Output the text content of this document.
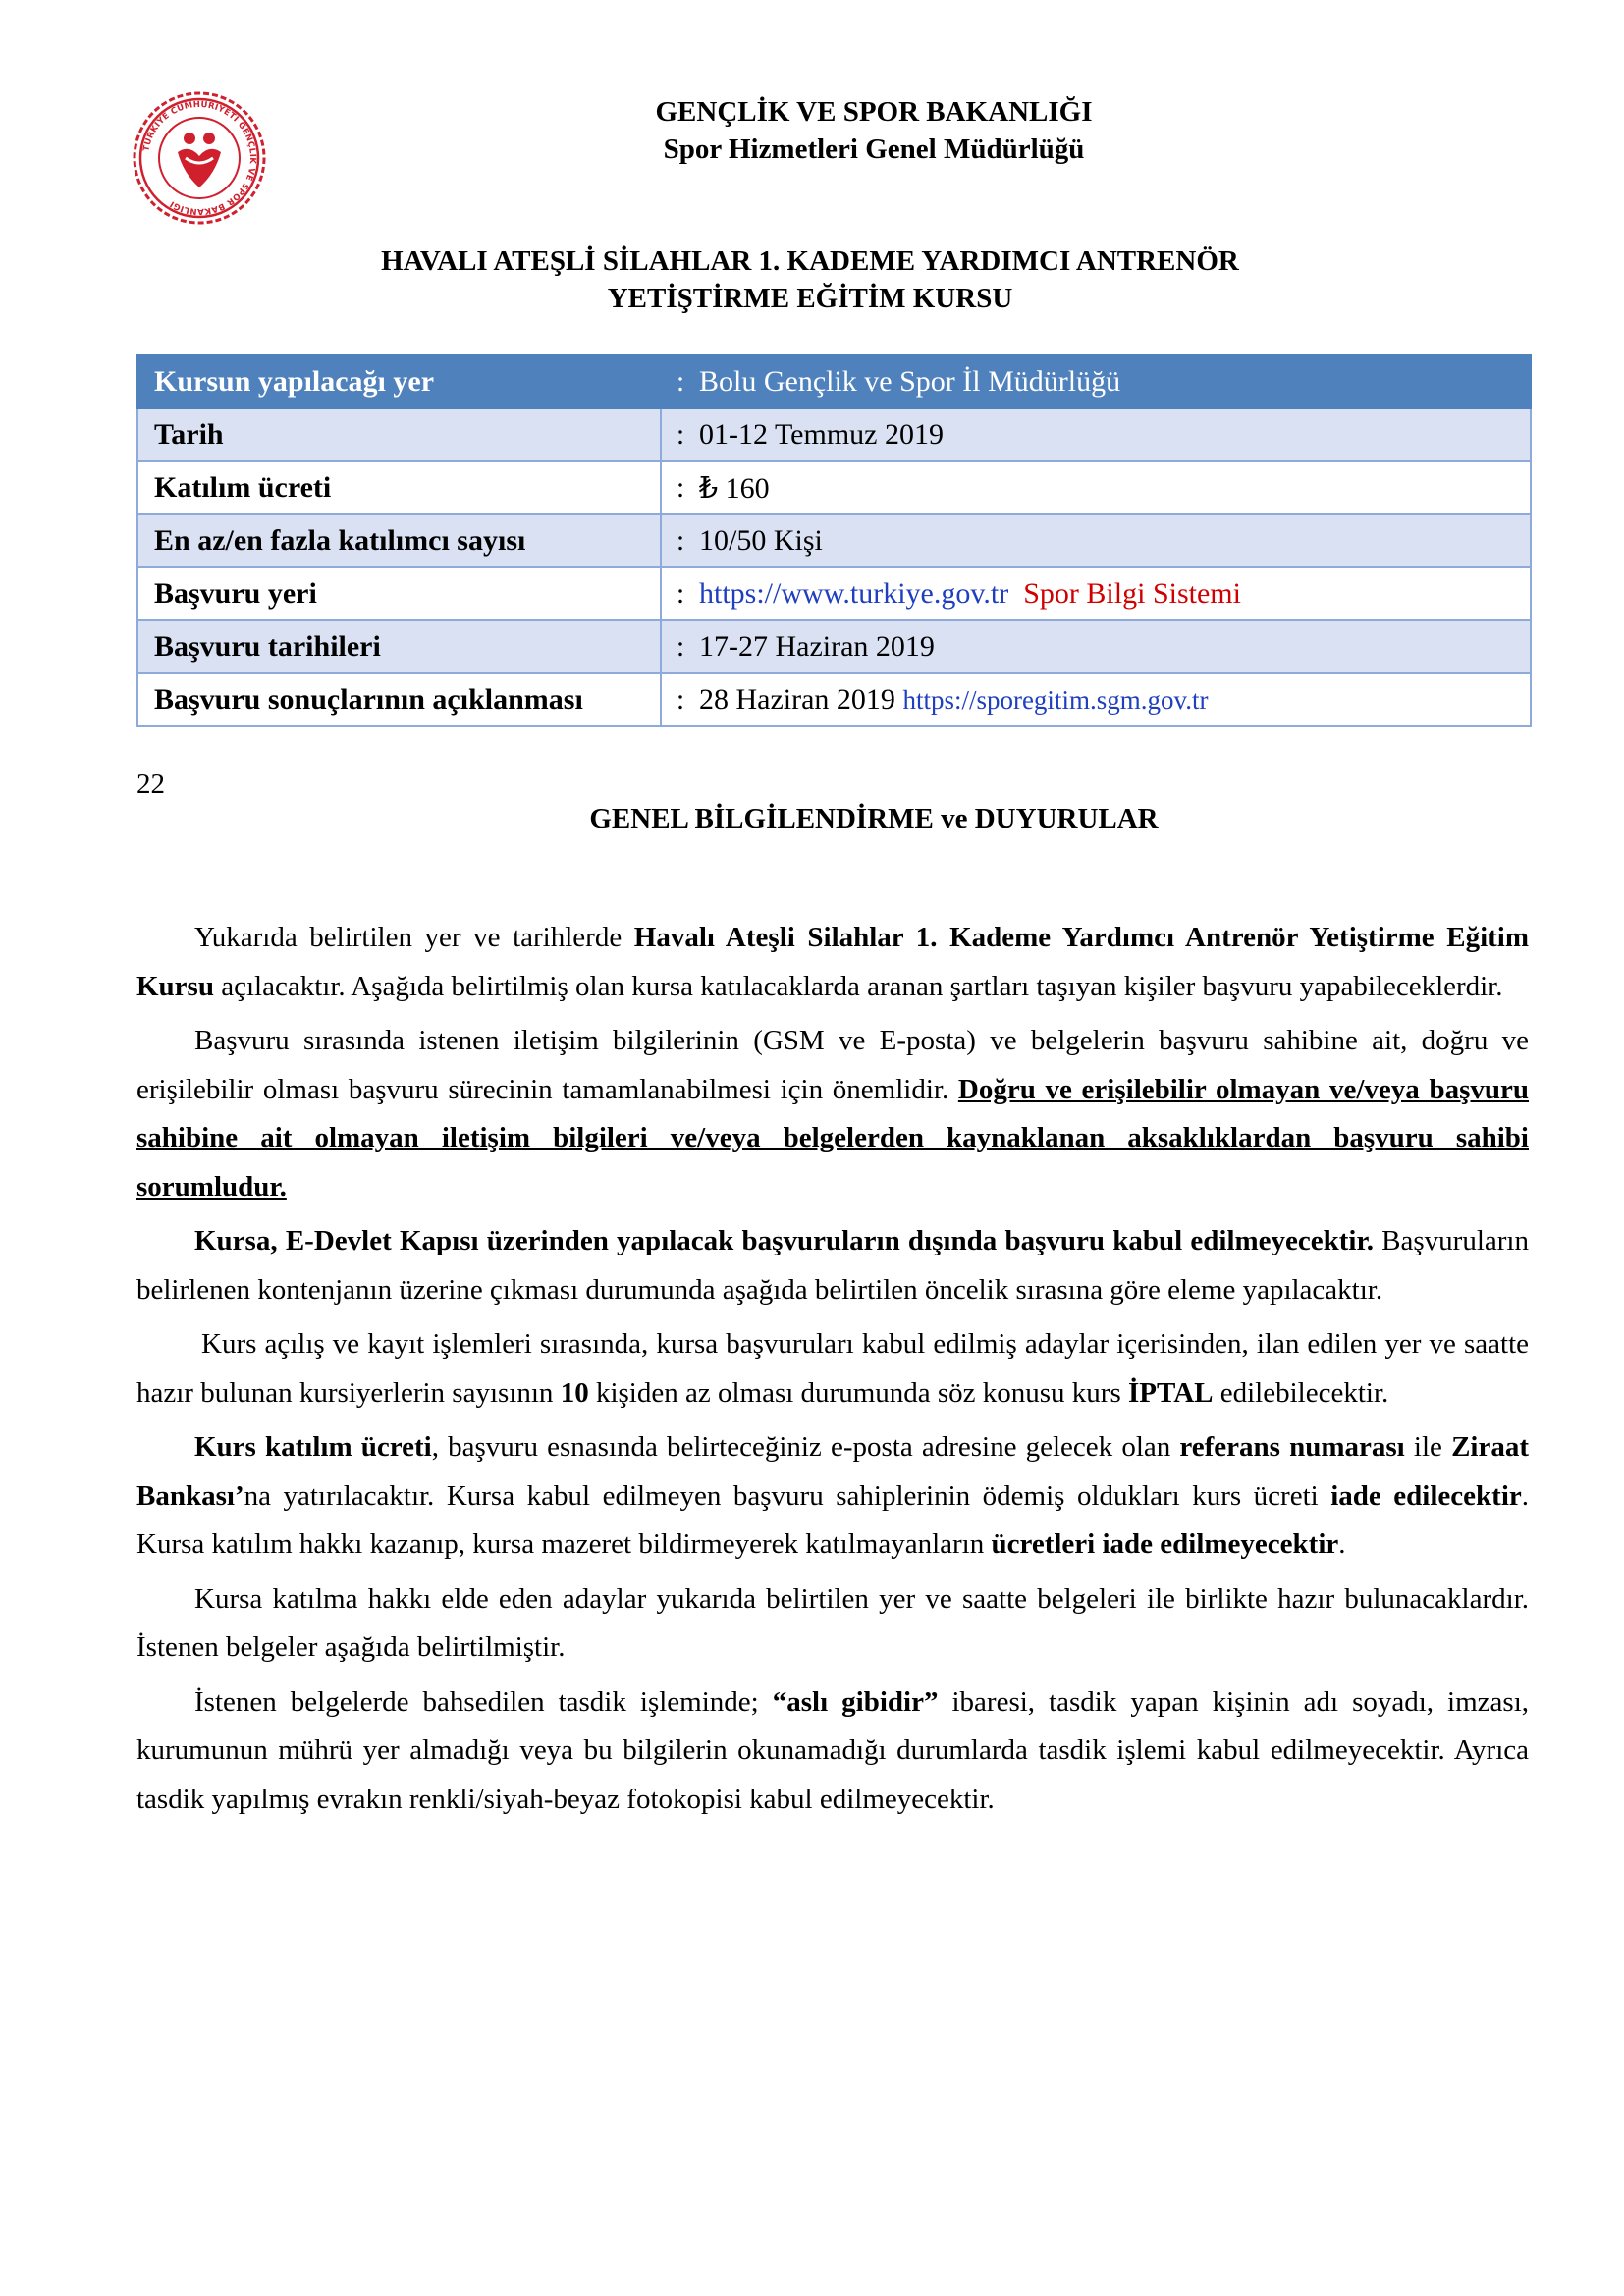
TÜRKİYE CUMHURİYETİ GENÇLİK VE SPOR BAKANLIĞI
GENÇLİK VE SPOR BAKANLIĞI
Spor Hizmetleri Genel Müdürlüğü
HAVALI ATEŞLİ SİLAHLAR 1. KADEME YARDIMCI ANTRENÖR
YETİŞTİRME EĞİTİM KURSU
Kursun yapılacağı yer	:	Bolu Gençlik ve Spor İl Müdürlüğü
Tarih	:	01-12 Temmuz 2019
Katılım ücreti	:	₺ 160
En az/en fazla katılımcı sayısı	:	10/50 Kişi
Başvuru yeri	:	https://www.turkiye.gov.tr Spor Bilgi Sistemi
Başvuru tarihileri	:	17-27 Haziran 2019
Başvuru sonuçlarının açıklanması	:	28 Haziran 2019 https://sporegitim.sgm.gov.tr
22
GENEL BİLGİLENDİRME ve DUYURULAR

Yukarıda belirtilen yer ve tarihlerde Havalı Ateşli Silahlar 1. Kademe Yardımcı Antrenör Yetiştirme Eğitim Kursu açılacaktır. Aşağıda belirtilmiş olan kursa katılacaklarda aranan şartları taşıyan kişiler başvuru yapabileceklerdir.

Başvuru sırasında istenen iletişim bilgilerinin (GSM ve E-posta) ve belgelerin başvuru sahibine ait, doğru ve erişilebilir olması başvuru sürecinin tamamlanabilmesi için önemlidir. Doğru ve erişilebilir olmayan ve/veya başvuru sahibine ait olmayan iletişim bilgileri ve/veya belgelerden kaynaklanan aksaklıklardan başvuru sahibi sorumludur.

Kursa, E-Devlet Kapısı üzerinden yapılacak başvuruların dışında başvuru kabul edilmeyecektir. Başvuruların belirlenen kontenjanın üzerine çıkması durumunda aşağıda belirtilen öncelik sırasına göre eleme yapılacaktır.

Kurs açılış ve kayıt işlemleri sırasında, kursa başvuruları kabul edilmiş adaylar içerisinden, ilan edilen yer ve saatte hazır bulunan kursiyerlerin sayısının 10 kişiden az olması durumunda söz konusu kurs İPTAL edilebilecektir.

Kurs katılım ücreti, başvuru esnasında belirteceğiniz e-posta adresine gelecek olan referans numarası ile Ziraat Bankası’na yatırılacaktır. Kursa kabul edilmeyen başvuru sahiplerinin ödemiş oldukları kurs ücreti iade edilecektir. Kursa katılım hakkı kazanıp, kursa mazeret bildirmeyerek katılmayanların ücretleri iade edilmeyecektir.

Kursa katılma hakkı elde eden adaylar yukarıda belirtilen yer ve saatte belgeleri ile birlikte hazır bulunacaklardır. İstenen belgeler aşağıda belirtilmiştir.

İstenen belgelerde bahsedilen tasdik işleminde; “aslı gibidir” ibaresi, tasdik yapan kişinin adı soyadı, imzası, kurumunun mührü yer almadığı veya bu bilgilerin okunamadığı durumlarda tasdik işlemi kabul edilmeyecektir. Ayrıca tasdik yapılmış evrakın renkli/siyah-beyaz fotokopisi kabul edilmeyecektir.
